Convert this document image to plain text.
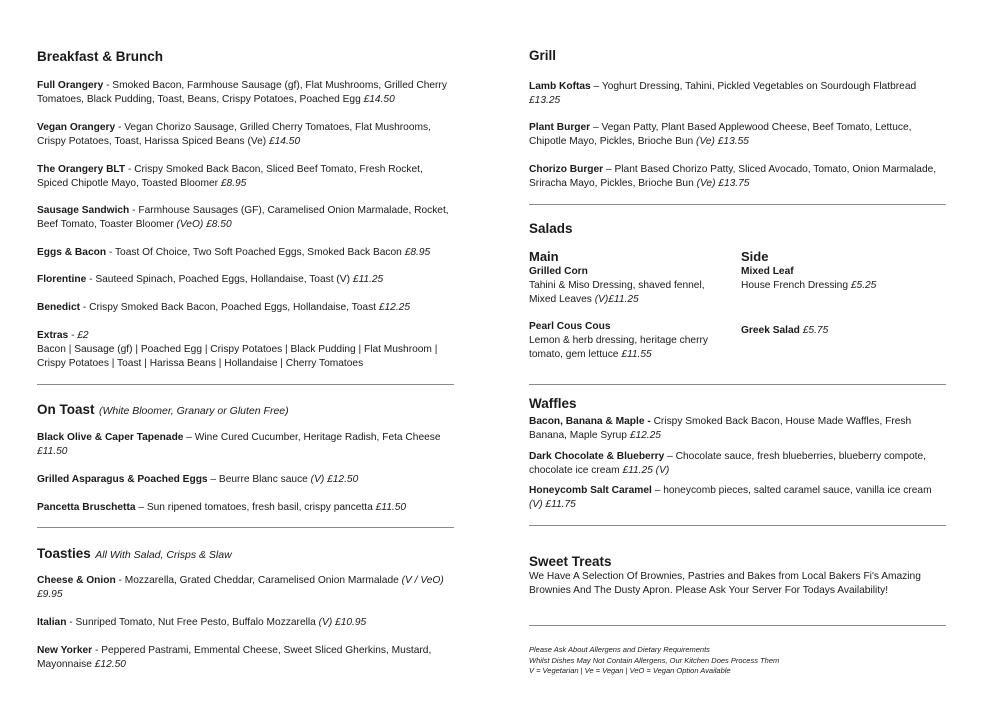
Breakfast & Brunch
Full Orangery - Smoked Bacon, Farmhouse Sausage (gf), Flat Mushrooms, Grilled Cherry Tomatoes, Black Pudding, Toast, Beans, Crispy Potatoes, Poached Egg £14.50
Vegan Orangery - Vegan Chorizo Sausage, Grilled Cherry Tomatoes, Flat Mushrooms, Crispy Potatoes, Toast, Harissa Spiced Beans (Ve) £14.50
The Orangery BLT - Crispy Smoked Back Bacon, Sliced Beef Tomato, Fresh Rocket, Spiced Chipotle Mayo, Toasted Bloomer £8.95
Sausage Sandwich - Farmhouse Sausages (GF), Caramelised Onion Marmalade, Rocket, Beef Tomato, Toaster Bloomer (VeO) £8.50
Eggs & Bacon - Toast Of Choice, Two Soft Poached Eggs, Smoked Back Bacon £8.95
Florentine - Sauteed Spinach, Poached Eggs, Hollandaise, Toast (V) £11.25
Benedict - Crispy Smoked Back Bacon, Poached Eggs, Hollandaise, Toast £12.25
Extras - £2
Bacon | Sausage (gf) | Poached Egg | Crispy Potatoes | Black Pudding | Flat Mushroom | Crispy Potatoes | Toast | Harissa Beans | Hollandaise | Cherry Tomatoes
On Toast (White Bloomer, Granary or Gluten Free)
Black Olive & Caper Tapenade – Wine Cured Cucumber, Heritage Radish, Feta Cheese £11.50
Grilled Asparagus & Poached Eggs – Beurre Blanc sauce (V) £12.50
Pancetta Bruschetta – Sun ripened tomatoes, fresh basil, crispy pancetta £11.50
Toasties All With Salad, Crisps & Slaw
Cheese & Onion - Mozzarella, Grated Cheddar, Caramelised Onion Marmalade (V / VeO) £9.95
Italian - Sunriped Tomato, Nut Free Pesto, Buffalo Mozzarella (V) £10.95
New Yorker - Peppered Pastrami, Emmental Cheese, Sweet Sliced Gherkins, Mustard, Mayonnaise £12.50
Grill
Lamb Koftas – Yoghurt Dressing, Tahini, Pickled Vegetables on Sourdough Flatbread £13.25
Plant Burger – Vegan Patty, Plant Based Applewood Cheese, Beef Tomato, Lettuce, Chipotle Mayo, Pickles, Brioche Bun (Ve) £13.55
Chorizo Burger – Plant Based Chorizo Patty, Sliced Avocado, Tomato, Onion Marmalade, Sriracha Mayo, Pickles, Brioche Bun (Ve) £13.75
Salads
Main	Side
Grilled Corn
Tahini & Miso Dressing, shaved fennel, Mixed Leaves (V)£11.25
Mixed Leaf
House French Dressing £5.25
Pearl Cous Cous
Lemon & herb dressing, heritage cherry tomato, gem lettuce £11.55
Greek Salad £5.75
Waffles
Bacon, Banana & Maple - Crispy Smoked Back Bacon, House Made Waffles, Fresh Banana, Maple Syrup £12.25
Dark Chocolate & Blueberry – Chocolate sauce, fresh blueberries, blueberry compote, chocolate ice cream £11.25 (V)
Honeycomb Salt Caramel – honeycomb pieces, salted caramel sauce, vanilla ice cream (V) £11.75
Sweet Treats
We Have A Selection Of Brownies, Pastries and Bakes from Local Bakers Fi's Amazing Brownies And The Dusty Apron. Please Ask Your Server For Todays Availability!
Please Ask About Allergens and Dietary Requirements
Whilst Dishes May Not Contain Allergens, Our Kitchen Does Process Them
V = Vegetarian | Ve = Vegan | VeO = Vegan Option Available
